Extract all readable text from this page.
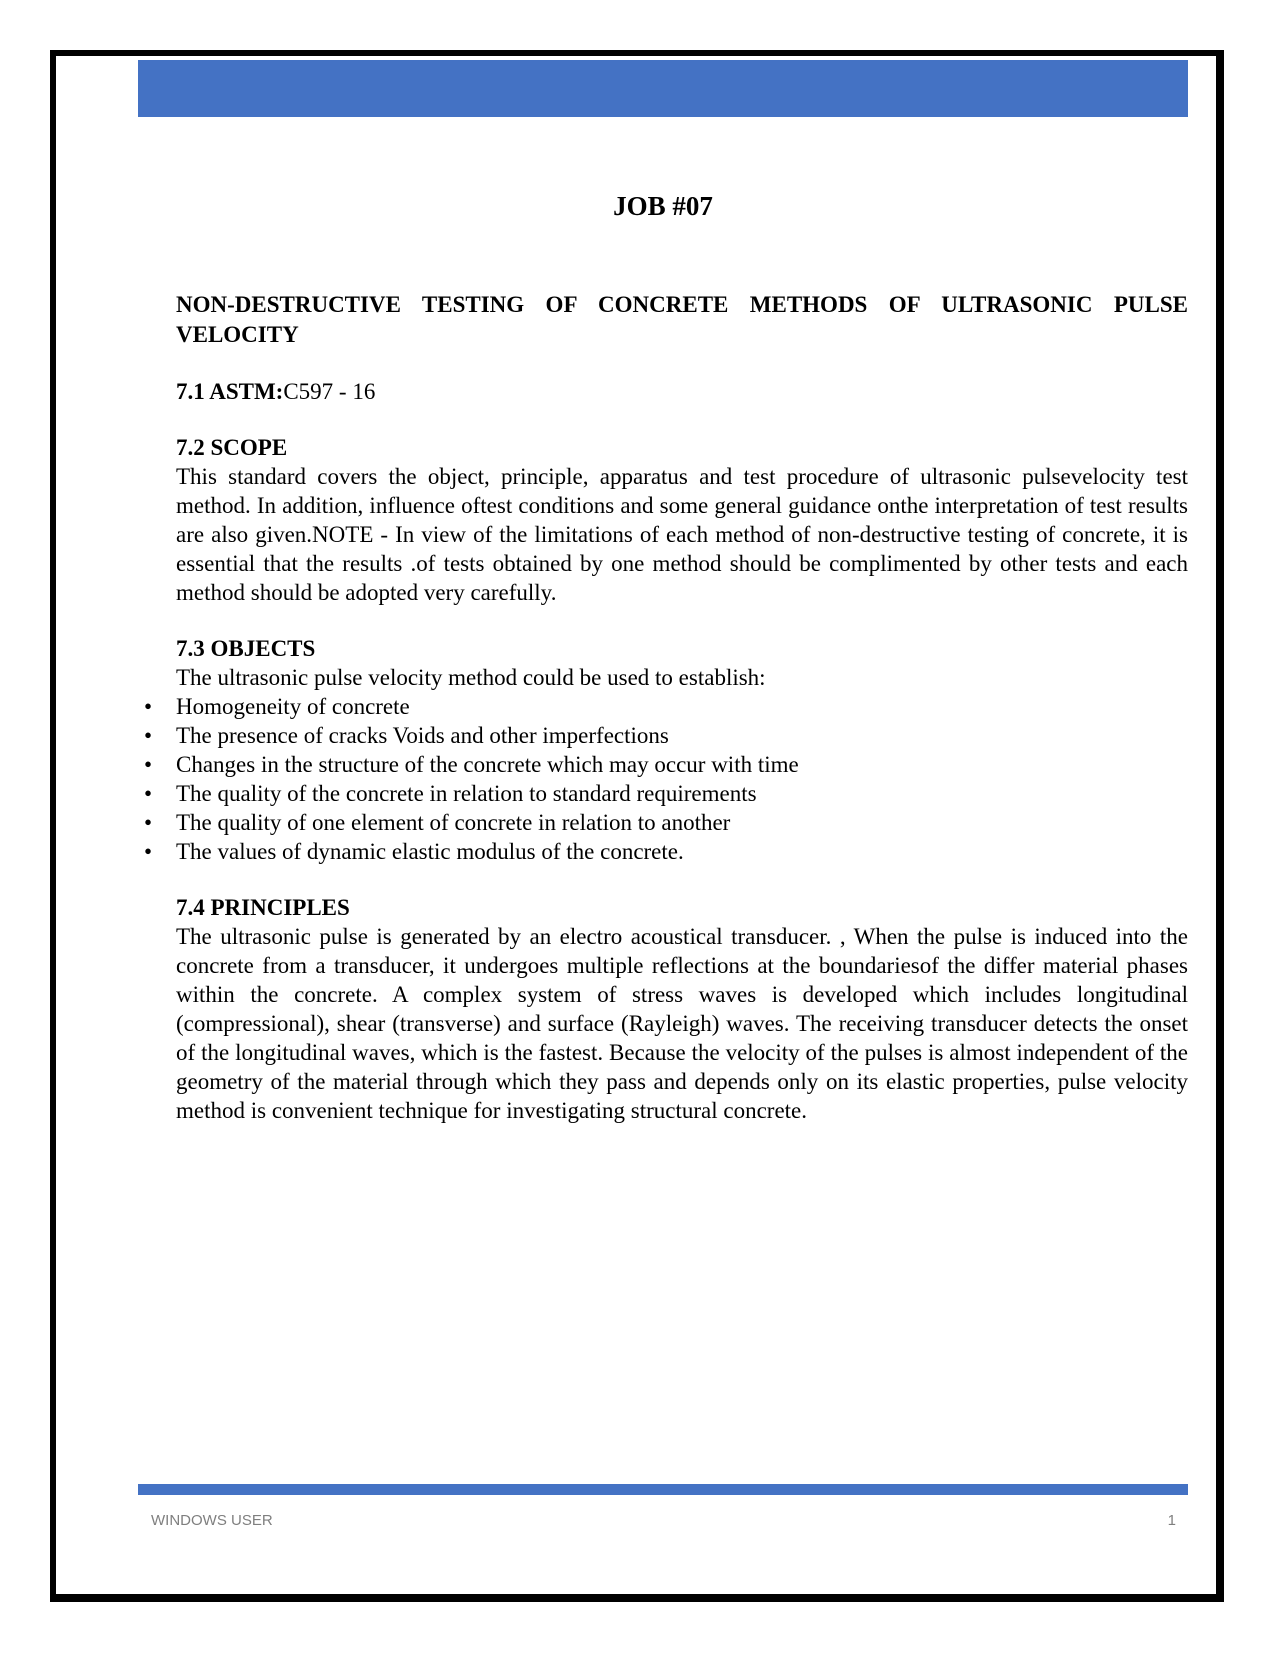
JOB #07

NON-DESTRUCTIVE TESTING OF CONCRETE METHODS OF ULTRASONIC PULSE VELOCITY

7.1 ASTM:C597 - 16

7.2 SCOPE

This standard covers the object, principle, apparatus and test procedure of ultrasonic pulsevelocity test method. In addition, influence oftest conditions and some general guidance onthe interpretation of test results are also given.NOTE - In view of the limitations of each method of non-destructive testing of concrete, it is essential that the results .of tests obtained by one method should be complimented by other tests and each method should be adopted very carefully.

7.3 OBJECTS

The ultrasonic pulse velocity method could be used to establish:

• Homogeneity of concrete
• The presence of cracks Voids and other imperfections
• Changes in the structure of the concrete which may occur with time
• The quality of the concrete in relation to standard requirements
• The quality of one element of concrete in relation to another
• The values of dynamic elastic modulus of the concrete.

7.4 PRINCIPLES

The ultrasonic pulse is generated by an electro acoustical transducer. , When the pulse is induced into the concrete from a transducer, it undergoes multiple reflections at the boundariesof the differ material phases within the concrete. A complex system of stress waves is developed which includes longitudinal (compressional), shear (transverse) and surface (Rayleigh) waves. The receiving transducer detects the onset of the longitudinal waves, which is the fastest. Because the velocity of the pulses is almost independent of the geometry of the material through which they pass and depends only on its elastic properties, pulse velocity method is convenient technique for investigating structural concrete.

WINDOWS USER	1
